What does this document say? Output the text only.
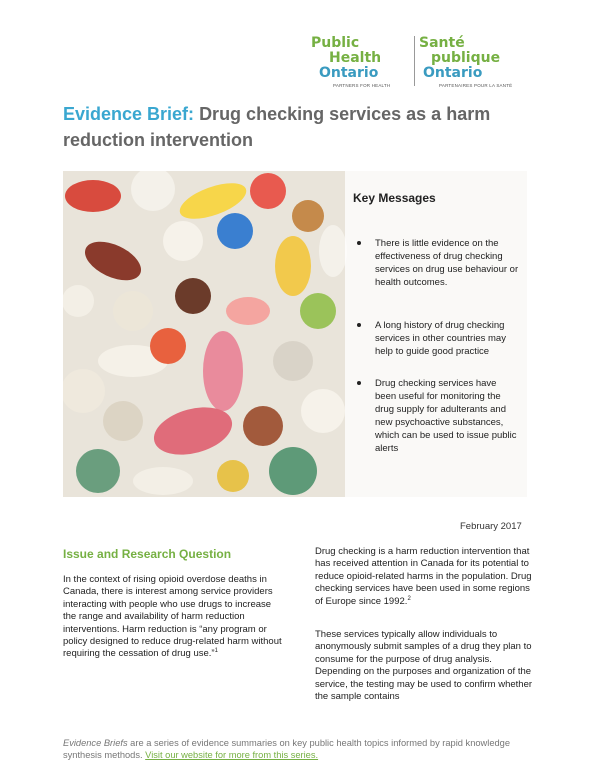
Public
Health
Ontario
PARTNERS FOR HEALTH
Santé
publique
Ontario
PARTENAIRES POUR LA SANTÉ
Evidence Brief: Drug checking services as a harm reduction intervention
Key Messages
There is little evidence on the effectiveness of drug checking services on drug use behaviour or health outcomes.
A long history of drug checking services in other countries may help to guide good practice
Drug checking services have been useful for monitoring the drug supply for adulterants and new psychoactive substances, which can be used to issue public alerts
February 2017
Issue and Research Question
In the context of rising opioid overdose deaths in Canada, there is interest among service providers interacting with people who use drugs to increase the range and availability of harm reduction interventions. Harm reduction is “any program or policy designed to reduce drug-related harm without requiring the cessation of drug use.”$^1$
Drug checking is a harm reduction intervention that has received attention in Canada for its potential to reduce opioid-related harms in the population. Drug checking services have been used in some regions of Europe since 1992.$^2$
These services typically allow individuals to anonymously submit samples of a drug they plan to consume for the purpose of drug analysis. Depending on the purposes and organization of the service, the testing may be used to confirm whether the sample contains
Evidence Briefs are a series of evidence summaries on key public health topics informed by rapid knowledge synthesis methods. Visit our website for more from this series.
